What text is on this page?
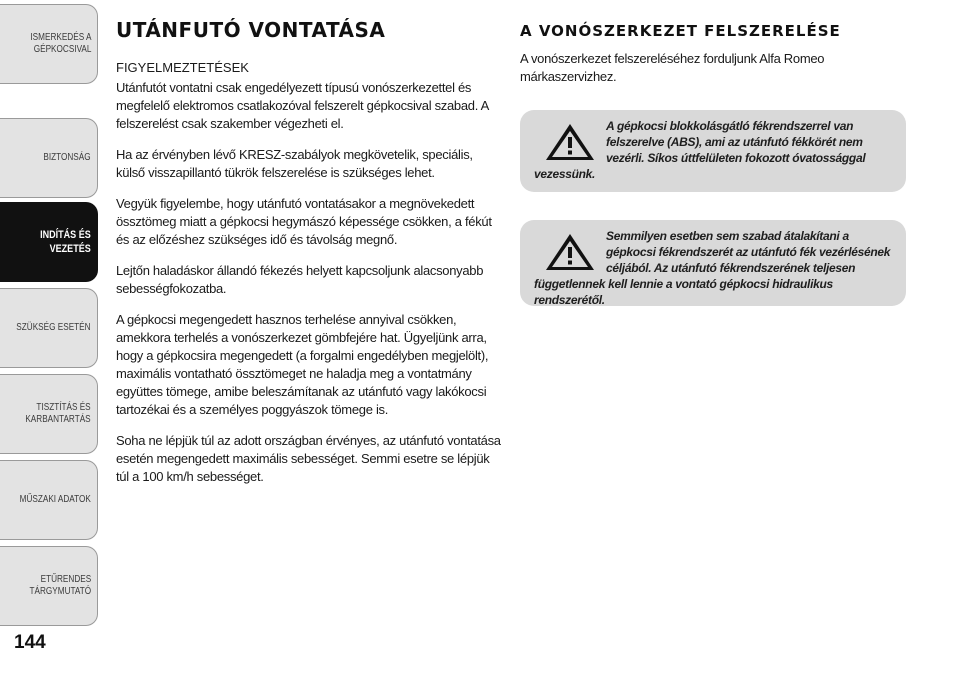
ISMERKEDÉS A
GÉPKOCSIVAL
BIZTONSÁG
INDÍTÁS ÉS
VEZETÉS
SZÜKSÉG ESETÉN
TISZTÍTÁS ÉS
KARBANTARTÁS
MŰSZAKI ADATOK
ETŰRENDES
TÁRGYMUTATÓ
144
UTÁNFUTÓ VONTATÁSA
FIGYELMEZTETÉSEK

Utánfutót vontatni csak engedélyezett típusú vonószerkezettel és megfelelő elektromos csatlakozóval felszerelt gépkocsival szabad. A felszerelést csak szakember végezheti el.

Ha az érvényben lévő KRESZ-szabályok megkövetelik, speciális, külső visszapillantó tükrök felszerelése is szükséges lehet.

Vegyük figyelembe, hogy utánfutó vontatásakor a megnövekedett össztömeg miatt a gépkocsi hegymászó képessége csökken, a fékút és az előzéshez szükséges idő és távolság megnő.

Lejtőn haladáskor állandó fékezés helyett kapcsoljunk alacsonyabb sebességfokozatba.

A gépkocsi megengedett hasznos terhelése annyival csökken, amekkora terhelés a vonószerkezet gömbfejére hat. Ügyeljünk arra, hogy a gépkocsira megengedett (a forgalmi engedélyben megjelölt), maximális vontatható össztömeget ne haladja meg a vontatmány együttes tömege, amibe beleszámítanak az utánfutó vagy lakókocsi tartozékai és a személyes poggyászok tömege is.

Soha ne lépjük túl az adott országban érvényes, az utánfutó vontatása esetén megengedett maximális sebességet. Semmi esetre se lépjük túl a 100 km/h sebességet.

A VONÓSZERKEZET FELSZERELÉSE

A vonószerkezet felszereléséhez forduljunk Alfa Romeo márkaszervizhez.

A gépkocsi blokkolásgátló fékrendszerrel van felszerelve (ABS), ami az utánfutó fékkörét nem vezérli. Síkos úttfelületen fokozott óvatossággal vezessünk.
Semmilyen esetben sem szabad átalakítani a gépkocsi fékrendszerét az utánfutó fék vezérlésének céljából. Az utánfutó fékrendszerének teljesen függetlennek kell lennie a vontató gépkocsi hidraulikus rendszerétől.
